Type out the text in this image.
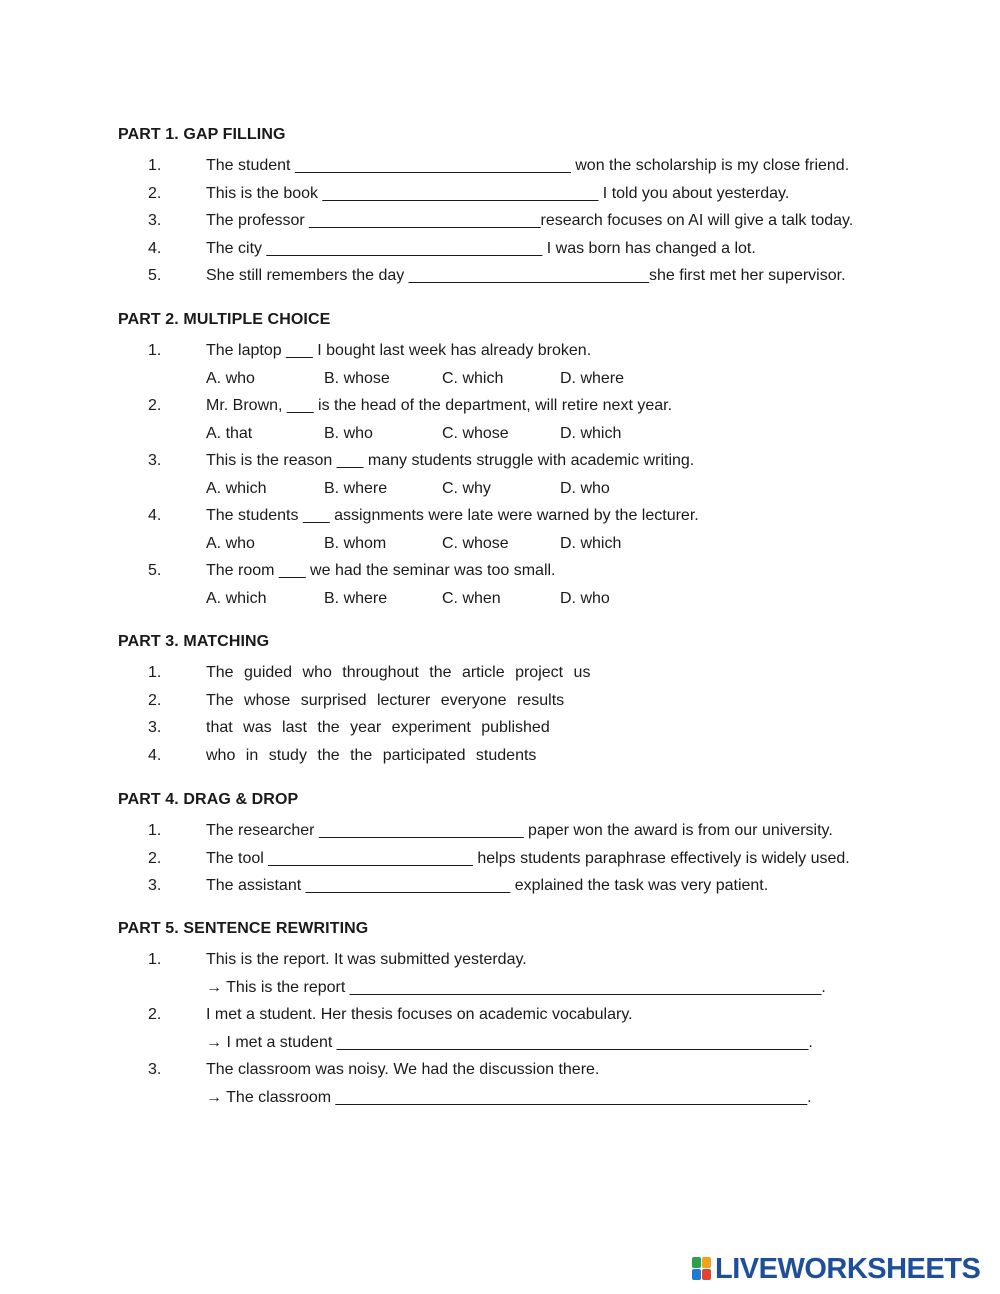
PART 1. GAP FILLING
1.	The student _______________________________ won the scholarship is my close friend.
2.	This is the book _______________________________ I told you about yesterday.
3.	The professor __________________________research focuses on AI will give a talk today.
4.	The city _______________________________ I was born has changed a lot.
5.	She still remembers the day ___________________________she first met her supervisor.
PART 2. MULTIPLE CHOICE
1.	The laptop ___ I bought last week has already broken.
A. who	B. whose	C. which	D. where
2.	Mr. Brown, ___ is the head of the department, will retire next year.
A. that	B. who	C. whose	D. which
3.	This is the reason ___ many students struggle with academic writing.
A. which	B. where	C. why	D. who
4.	The students ___ assignments were late were warned by the lecturer.
A. who	B. whom	C. whose	D. which
5.	The room ___ we had the seminar was too small.
A. which	B. where	C. when	D. who
PART 3. MATCHING
1.	The guided who throughout the article project us
2.	The whose surprised lecturer everyone results
3.	that was last the year experiment published
4.	who in study the the participated students
PART 4. DRAG & DROP
1.	The researcher _______________________ paper won the award is from our university.
2.	The tool _______________________ helps students paraphrase effectively is widely used.
3.	The assistant _______________________ explained the task was very patient.
PART 5. SENTENCE REWRITING
1.	This is the report. It was submitted yesterday.
→ This is the report _____________________________________________________.
2.	I met a student. Her thesis focuses on academic vocabulary.
→ I met a student _____________________________________________________.
3.	The classroom was noisy. We had the discussion there.
→ The classroom _____________________________________________________.
LIVEWORKSHEETS
